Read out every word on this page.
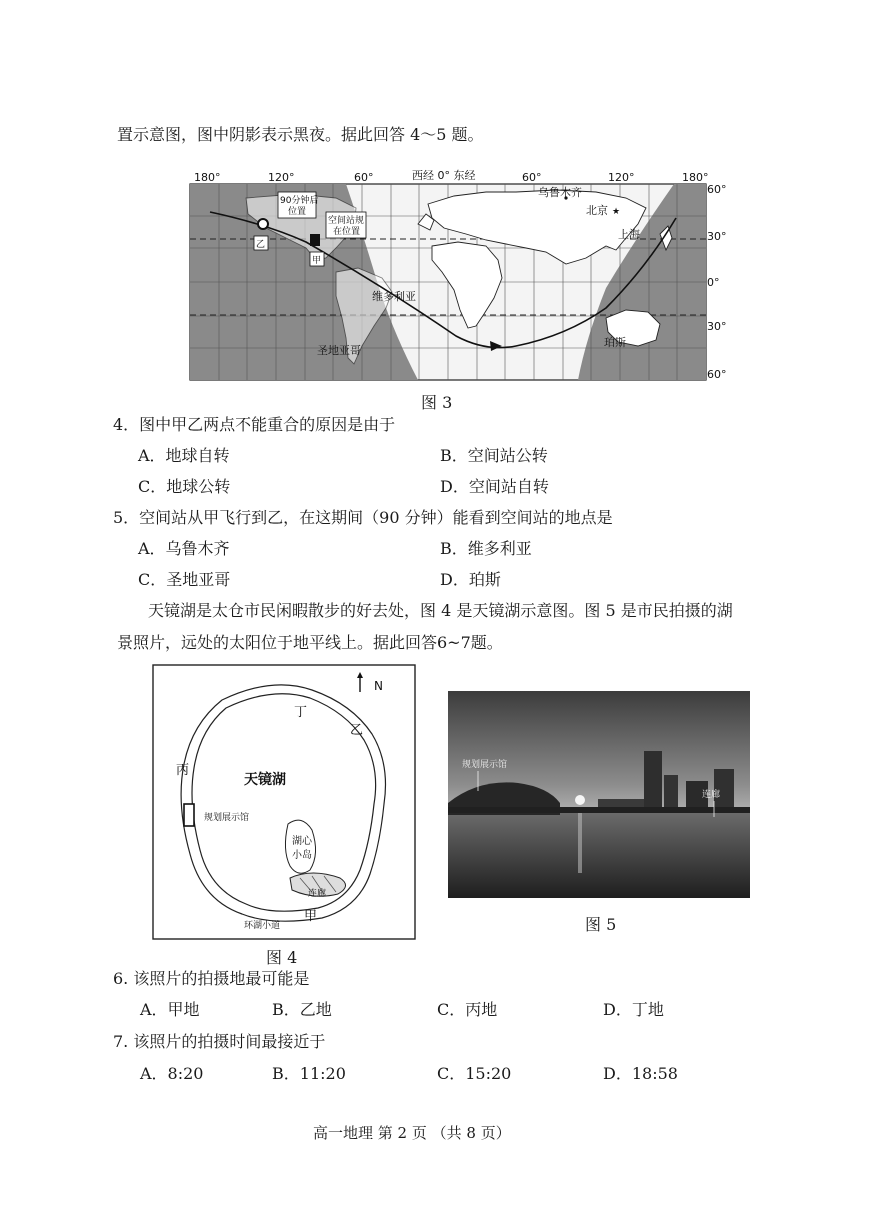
置示意图，图中阴影表示黑夜。据此回答 4～5 题。
180°	120°	60°	西经 0° 东经	60°	120°	180°
60°
30°
0°
30°
60°
乌鲁木齐
北京 ★
上海
维多利亚
圣地亚哥
珀斯
乙
90分钟后
位置
甲
空间站规
在位置
图 3
4．图中甲乙两点不能重合的原因是由于
A．地球自转	B．空间站公转
C．地球公转	D．空间站自转
5．空间站从甲飞行到乙，在这期间（90 分钟）能看到空间站的地点是
A．乌鲁木齐	B．维多利亚
C．圣地亚哥	D．珀斯
天镜湖是太仓市民闲暇散步的好去处，图 4 是天镜湖示意图。图 5 是市民拍摄的湖
景照片，远处的太阳位于地平线上。据此回答6~7题。
N
天镜湖
湖心
小岛
规划展示馆
连廊
环湖小道
甲
乙
丙
丁
图 4
规划展示馆
连廊
图 5
6. 该照片的拍摄地最可能是
A．甲地	B．乙地	C．丙地	D．丁地
7. 该照片的拍摄时间最接近于
A．8:20	B．11:20	C．15:20	D．18:58
高一地理 第 2 页 （共 8 页）
